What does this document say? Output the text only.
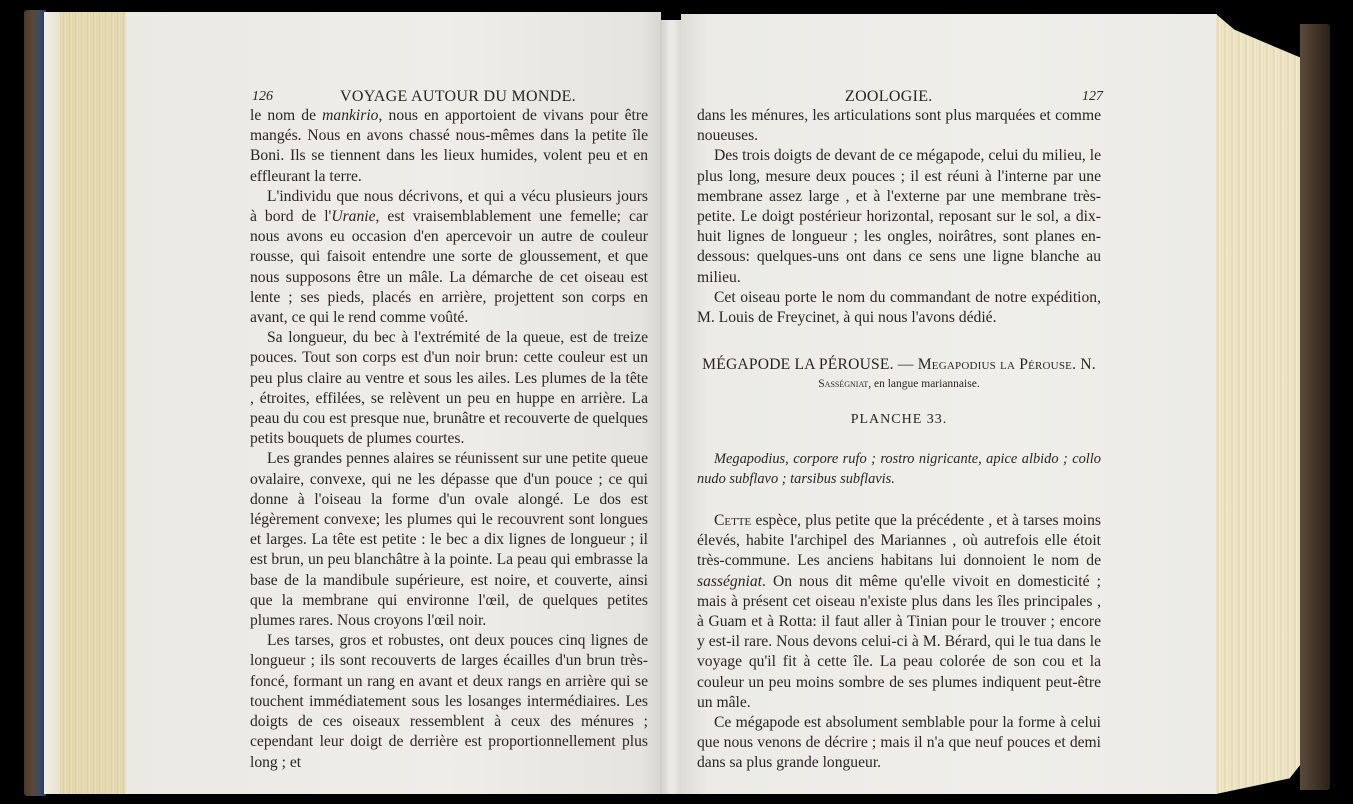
126	VOYAGE AUTOUR DU MONDE.

le nom de mankirio, nous en apportoient de vivans pour être mangés. Nous en avons chassé nous-mêmes dans la petite île Boni. Ils se tiennent dans les lieux humides, volent peu et en effleurant la terre.

L'individu que nous décrivons, et qui a vécu plusieurs jours à bord de l'Uranie, est vraisemblablement une femelle; car nous avons eu occasion d'en apercevoir un autre de couleur rousse, qui faisoit entendre une sorte de gloussement, et que nous supposons être un mâle. La démarche de cet oiseau est lente ; ses pieds, placés en arrière, projettent son corps en avant, ce qui le rend comme voûté.

Sa longueur, du bec à l'extrémité de la queue, est de treize pouces. Tout son corps est d'un noir brun: cette couleur est un peu plus claire au ventre et sous les ailes. Les plumes de la tête , étroites, effilées, se relèvent un peu en huppe en arrière. La peau du cou est presque nue, brunâtre et recouverte de quelques petits bouquets de plumes courtes.

Les grandes pennes alaires se réunissent sur une petite queue ovalaire, convexe, qui ne les dépasse que d'un pouce ; ce qui donne à l'oiseau la forme d'un ovale alongé. Le dos est légèrement convexe; les plumes qui le recouvrent sont longues et larges. La tête est petite : le bec a dix lignes de longueur ; il est brun, un peu blanchâtre à la pointe. La peau qui embrasse la base de la mandibule supérieure, est noire, et couverte, ainsi que la membrane qui environne l'œil, de quelques petites plumes rares. Nous croyons l'œil noir.

Les tarses, gros et robustes, ont deux pouces cinq lignes de longueur ; ils sont recouverts de larges écailles d'un brun très-foncé, formant un rang en avant et deux rangs en arrière qui se touchent immédiatement sous les losanges intermédiaires. Les doigts de ces oiseaux ressemblent à ceux des ménures ; cependant leur doigt de derrière est proportionnellement plus long ; et

ZOOLOGIE.	127

dans les ménures, les articulations sont plus marquées et comme noueuses.

Des trois doigts de devant de ce mégapode, celui du milieu, le plus long, mesure deux pouces ; il est réuni à l'interne par une membrane assez large , et à l'externe par une membrane très-petite. Le doigt postérieur horizontal, reposant sur le sol, a dix-huit lignes de longueur ; les ongles, noirâtres, sont planes en-dessous: quelques-uns ont dans ce sens une ligne blanche au milieu.

Cet oiseau porte le nom du commandant de notre expédition, M. Louis de Freycinet, à qui nous l'avons dédié.

MÉGAPODE LA PÉROUSE. — Megapodius la Pérouse. N.

Sasségniat, en langue mariannaise.

PLANCHE 33.

Megapodius, corpore rufo ; rostro nigricante, apice albido ; collo nudo subflavo ; tarsibus subflavis.

Cette espèce, plus petite que la précédente , et à tarses moins élevés, habite l'archipel des Mariannes , où autrefois elle étoit très-commune. Les anciens habitans lui donnoient le nom de sasségniat. On nous dit même qu'elle vivoit en domesticité ; mais à présent cet oiseau n'existe plus dans les îles principales , à Guam et à Rotta: il faut aller à Tinian pour le trouver ; encore y est-il rare. Nous devons celui-ci à M. Bérard, qui le tua dans le voyage qu'il fit à cette île. La peau colorée de son cou et la couleur un peu moins sombre de ses plumes indiquent peut-être un mâle.

Ce mégapode est absolument semblable pour la forme à celui que nous venons de décrire ; mais il n'a que neuf pouces et demi dans sa plus grande longueur.
